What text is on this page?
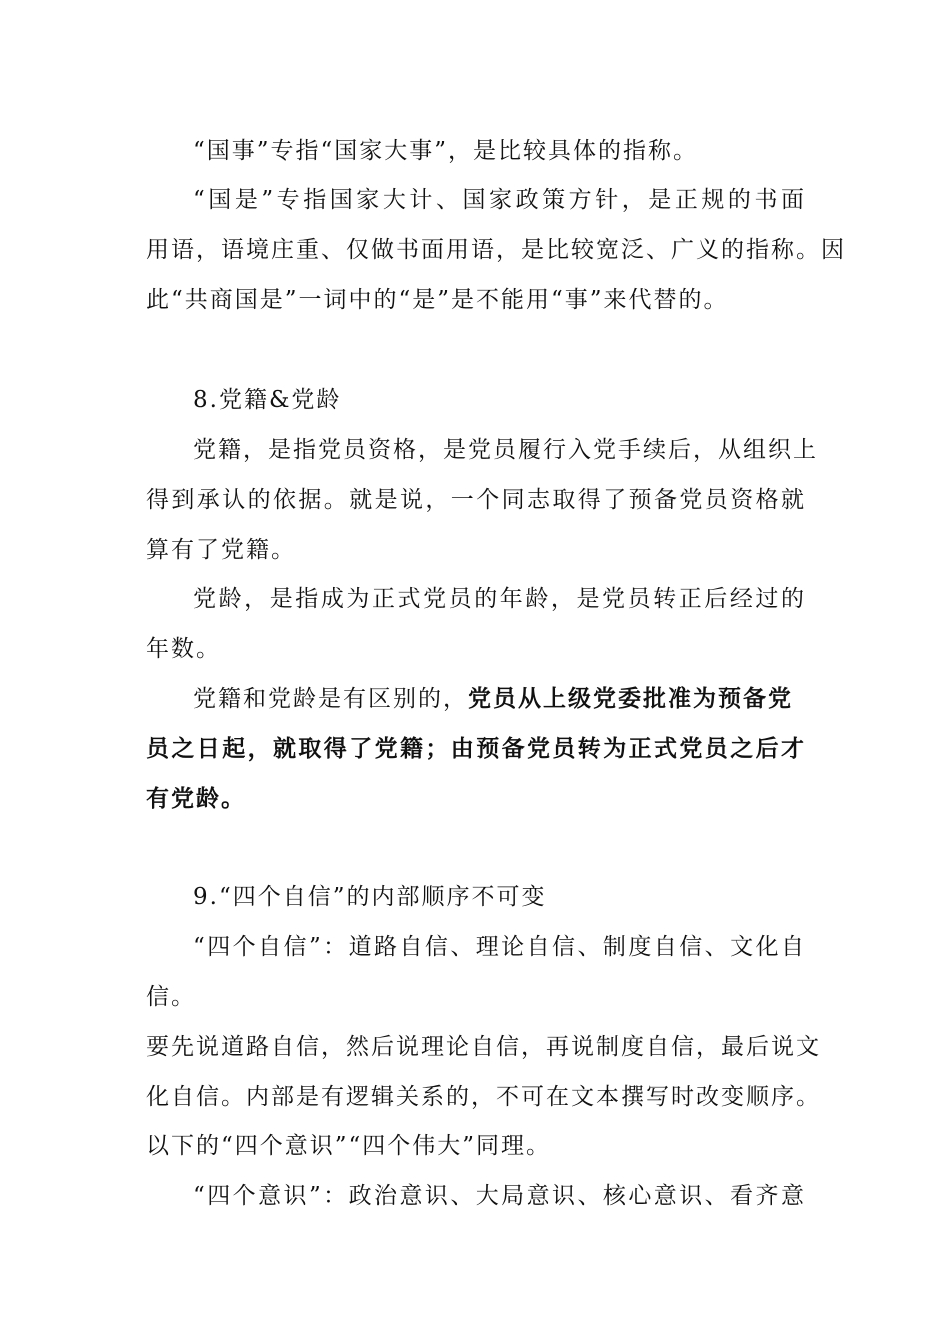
“国事”专指“国家大事”，是比较具体的指称。
“国是”专指国家大计、国家政策方针，是正规的书面
用语，语境庄重、仅做书面用语，是比较宽泛、广义的指称。因
此“共商国是”一词中的“是”是不能用“事”来代替的。
8.党籍&党龄
党籍，是指党员资格，是党员履行入党手续后，从组织上
得到承认的依据。就是说，一个同志取得了预备党员资格就
算有了党籍。
党龄，是指成为正式党员的年龄，是党员转正后经过的
年数。
党籍和党龄是有区别的，党员从上级党委批准为预备党
员之日起，就取得了党籍；由预备党员转为正式党员之后才
有党龄。
9.“四个自信”的内部顺序不可变
“四个自信”：道路自信、理论自信、制度自信、文化自
信。
要先说道路自信，然后说理论自信，再说制度自信，最后说文
化自信。内部是有逻辑关系的，不可在文本撰写时改变顺序。
以下的“四个意识”“四个伟大”同理。
“四个意识”：政治意识、大局意识、核心意识、看齐意
